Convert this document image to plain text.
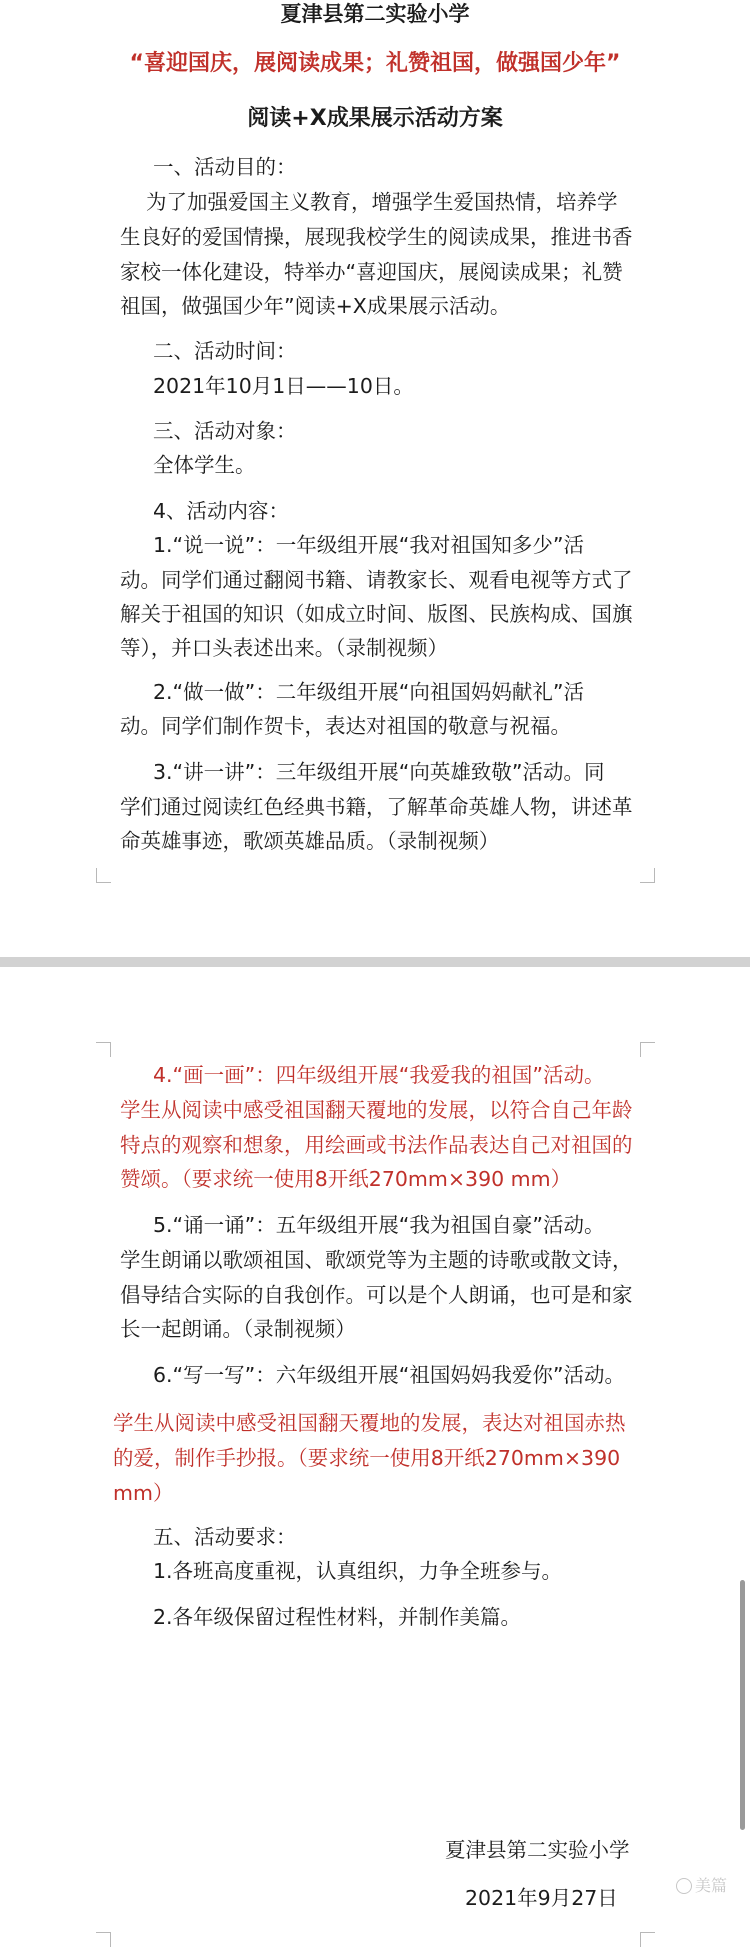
夏津县第二实验小学
“喜迎国庆，展阅读成果；礼赞祖国，做强国少年”
阅读+X成果展示活动方案
一、活动目的：
为了加强爱国主义教育，增强学生爱国热情，培养学
生良好的爱国情操，展现我校学生的阅读成果，推进书香
家校一体化建设，特举办“喜迎国庆，展阅读成果；礼赞
祖国，做强国少年”阅读+X成果展示活动。
二、活动时间：
2021年10月1日——10日。
三、活动对象：
全体学生。
4、活动内容：
1.“说一说”：一年级组开展“我对祖国知多少”活
动。同学们通过翻阅书籍、请教家长、观看电视等方式了
解关于祖国的知识（如成立时间、版图、民族构成、国旗
等），并口头表述出来。（录制视频）
2.“做一做”：二年级组开展“向祖国妈妈献礼”活
动。同学们制作贺卡，表达对祖国的敬意与祝福。
3.“讲一讲”：三年级组开展“向英雄致敬”活动。同
学们通过阅读红色经典书籍，了解革命英雄人物，讲述革
命英雄事迹，歌颂英雄品质。（录制视频）
4.“画一画”：四年级组开展“我爱我的祖国”活动。
学生从阅读中感受祖国翻天覆地的发展，以符合自己年龄
特点的观察和想象，用绘画或书法作品表达自己对祖国的
赞颂。（要求统一使用8开纸270mm×390 mm）
5.“诵一诵”：五年级组开展“我为祖国自豪”活动。
学生朗诵以歌颂祖国、歌颂党等为主题的诗歌或散文诗，
倡导结合实际的自我创作。可以是个人朗诵，也可是和家
长一起朗诵。（录制视频）
6.“写一写”：六年级组开展“祖国妈妈我爱你”活动。
学生从阅读中感受祖国翻天覆地的发展，表达对祖国赤热
的爱，制作手抄报。（要求统一使用8开纸270mm×390
mm）
五、活动要求：
1.各班高度重视，认真组织，力争全班参与。
2.各年级保留过程性材料，并制作美篇。
夏津县第二实验小学
2021年9月27日
美篇
